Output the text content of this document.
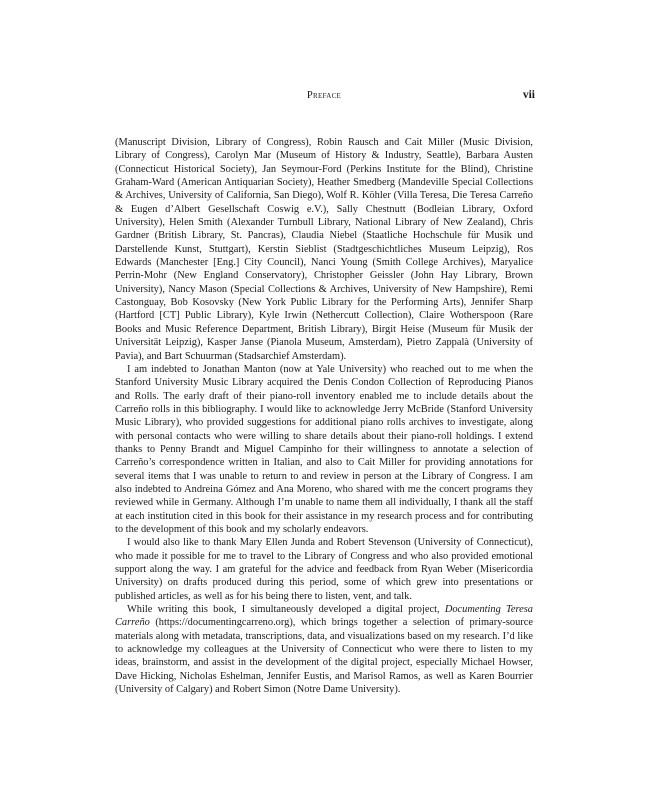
Preface	vii

(Manuscript Division, Library of Congress), Robin Rausch and Cait Miller (Music Division, Library of Congress), Carolyn Mar (Museum of History & Industry, Seattle), Barbara Austen (Connecticut Historical Society), Jan Seymour-Ford (Perkins Institute for the Blind), Christine Graham-Ward (American Antiquarian Society), Heather Smedberg (Mandeville Special Collections & Archives, University of California, San Diego), Wolf R. Köhler (Villa Teresa, Die Teresa Carreño & Eugen d’Albert Gesellschaft Coswig e.V.), Sally Chestnutt (Bodleian Library, Oxford University), Helen Smith (Alexander Turnbull Library, National Library of New Zealand), Chris Gardner (British Library, St. Pancras), Claudia Niebel (Staatliche Hochschule für Musik und Darstellende Kunst, Stuttgart), Kerstin Sieblist (Stadtgeschichtliches Museum Leipzig), Ros Edwards (Manchester [Eng.] City Council), Nanci Young (Smith College Archives), Maryalice Perrin-Mohr (New England Conservatory), Christopher Geissler (John Hay Library, Brown University), Nancy Mason (Special Collections & Archives, University of New Hampshire), Remi Castonguay, Bob Kosovsky (New York Public Library for the Performing Arts), Jennifer Sharp (Hartford [CT] Public Library), Kyle Irwin (Nethercutt Collection), Claire Wotherspoon (Rare Books and Music Reference Department, British Library), Birgit Heise (Museum für Musik der Universität Leipzig), Kasper Janse (Pianola Museum, Amsterdam), Pietro Zappalà (University of Pavia), and Bart Schuurman (Stadsarchief Amsterdam).

I am indebted to Jonathan Manton (now at Yale University) who reached out to me when the Stanford University Music Library acquired the Denis Condon Collection of Reproducing Pianos and Rolls. The early draft of their piano-roll inventory enabled me to include details about the Carreño rolls in this bibliography. I would like to acknowledge Jerry McBride (Stanford University Music Library), who provided suggestions for additional piano rolls archives to investigate, along with personal contacts who were willing to share details about their piano-roll holdings. I extend thanks to Penny Brandt and Miguel Campinho for their willingness to annotate a selection of Carreño’s correspondence written in Italian, and also to Cait Miller for providing annotations for several items that I was unable to return to and review in person at the Library of Congress. I am also indebted to Andreina Gómez and Ana Moreno, who shared with me the concert programs they reviewed while in Germany. Although I’m unable to name them all individually, I thank all the staff at each institution cited in this book for their assistance in my research process and for contributing to the development of this book and my scholarly endeavors.

I would also like to thank Mary Ellen Junda and Robert Stevenson (University of Connecticut), who made it possible for me to travel to the Library of Congress and who also provided emotional support along the way. I am grateful for the advice and feedback from Ryan Weber (Misericordia University) on drafts produced during this period, some of which grew into presentations or published articles, as well as for his being there to listen, vent, and talk.

While writing this book, I simultaneously developed a digital project, Documenting Teresa Carreño (https://documentingcarreno.org), which brings together a selection of primary-source materials along with metadata, transcriptions, data, and visualizations based on my research. I’d like to acknowledge my colleagues at the University of Connecticut who were there to listen to my ideas, brainstorm, and assist in the development of the digital project, especially Michael Howser, Dave Hicking, Nicholas Eshelman, Jennifer Eustis, and Marisol Ramos, as well as Karen Bourrier (University of Calgary) and Robert Simon (Notre Dame University).
